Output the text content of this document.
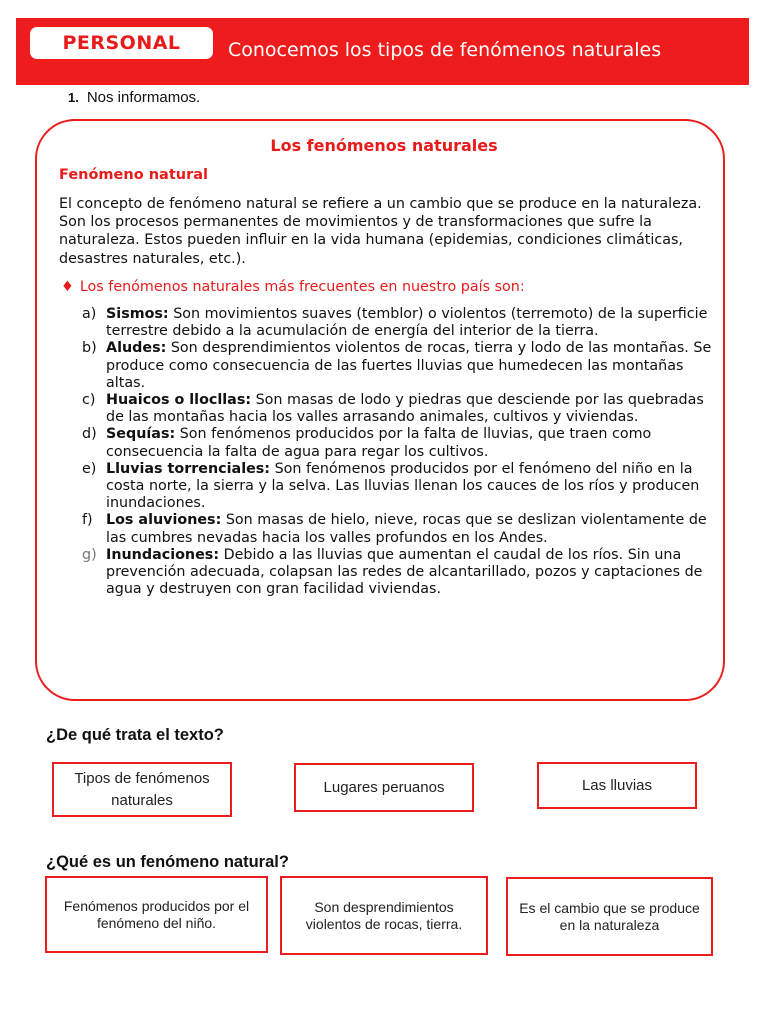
PERSONAL	Conocemos los tipos de fenómenos naturales
1. Nos informamos.
Los fenómenos naturales
Fenómeno natural
El concepto de fenómeno natural se refiere a un cambio que se produce en la naturaleza. Son los procesos permanentes de movimientos y de transformaciones que sufre la naturaleza. Estos pueden influir en la vida humana (epidemias, condiciones climáticas, desastres naturales, etc.).
♦ Los fenómenos naturales más frecuentes en nuestro país son:
a) Sismos: Son movimientos suaves (temblor) o violentos (terremoto) de la superficie terrestre debido a la acumulación de energía del interior de la tierra.
b) Aludes: Son desprendimientos violentos de rocas, tierra y lodo de las montañas. Se produce como consecuencia de las fuertes lluvias que humedecen las montañas altas.
c) Huaicos o llocllas: Son masas de lodo y piedras que desciende por las quebradas de las montañas hacia los valles arrasando animales, cultivos y viviendas.
d) Sequías: Son fenómenos producidos por la falta de lluvias, que traen como consecuencia la falta de agua para regar los cultivos.
e) Lluvias torrenciales: Son fenómenos producidos por el fenómeno del niño en la costa norte, la sierra y la selva. Las lluvias llenan los cauces de los ríos y producen inundaciones.
f) Los aluviones: Son masas de hielo, nieve, rocas que se deslizan violentamente de las cumbres nevadas hacia los valles profundos en los Andes.
g) Inundaciones: Debido a las lluvias que aumentan el caudal de los ríos. Sin una prevención adecuada, colapsan las redes de alcantarillado, pozos y captaciones de agua y destruyen con gran facilidad viviendas.
¿De qué trata el texto?
Tipos de fenómenos naturales
Lugares peruanos	Las lluvias
¿Qué es un fenómeno natural?
Fenómenos producidos por el fenómeno del niño.
Son desprendimientos violentos de rocas, tierra.
Es el cambio que se produce en la naturaleza
